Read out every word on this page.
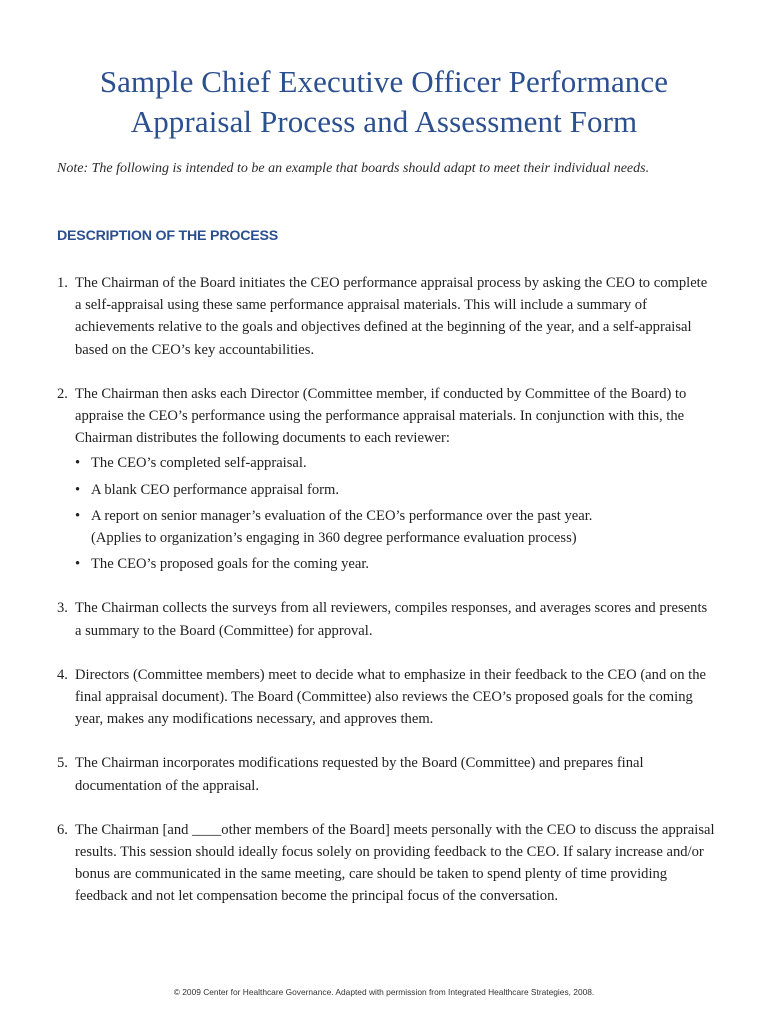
Sample Chief Executive Officer Performance
Appraisal Process and Assessment Form
Note: The following is intended to be an example that boards should adapt to meet their individual needs.
DESCRIPTION OF THE PROCESS
1. The Chairman of the Board initiates the CEO performance appraisal process by asking the CEO to complete a self-appraisal using these same performance appraisal materials. This will include a summary of achievements relative to the goals and objectives defined at the beginning of the year, and a self-appraisal based on the CEO’s key accountabilities.
2. The Chairman then asks each Director (Committee member, if conducted by Committee of the Board) to appraise the CEO’s performance using the performance appraisal materials. In conjunction with this, the Chairman distributes the following documents to each reviewer:
• The CEO’s completed self-appraisal.
• A blank CEO performance appraisal form.
• A report on senior manager’s evaluation of the CEO’s performance over the past year.
(Applies to organization’s engaging in 360 degree performance evaluation process)
• The CEO’s proposed goals for the coming year.
3. The Chairman collects the surveys from all reviewers, compiles responses, and averages scores and presents a summary to the Board (Committee) for approval.
4. Directors (Committee members) meet to decide what to emphasize in their feedback to the CEO (and on the final appraisal document). The Board (Committee) also reviews the CEO’s proposed goals for the coming year, makes any modifications necessary, and approves them.
5. The Chairman incorporates modifications requested by the Board (Committee) and prepares final documentation of the appraisal.
6. The Chairman [and ____other members of the Board] meets personally with the CEO to discuss the appraisal results. This session should ideally focus solely on providing feedback to the CEO. If salary increase and/or bonus are communicated in the same meeting, care should be taken to spend plenty of time providing feedback and not let compensation become the principal focus of the conversation.
© 2009 Center for Healthcare Governance. Adapted with permission from Integrated Healthcare Strategies, 2008.
